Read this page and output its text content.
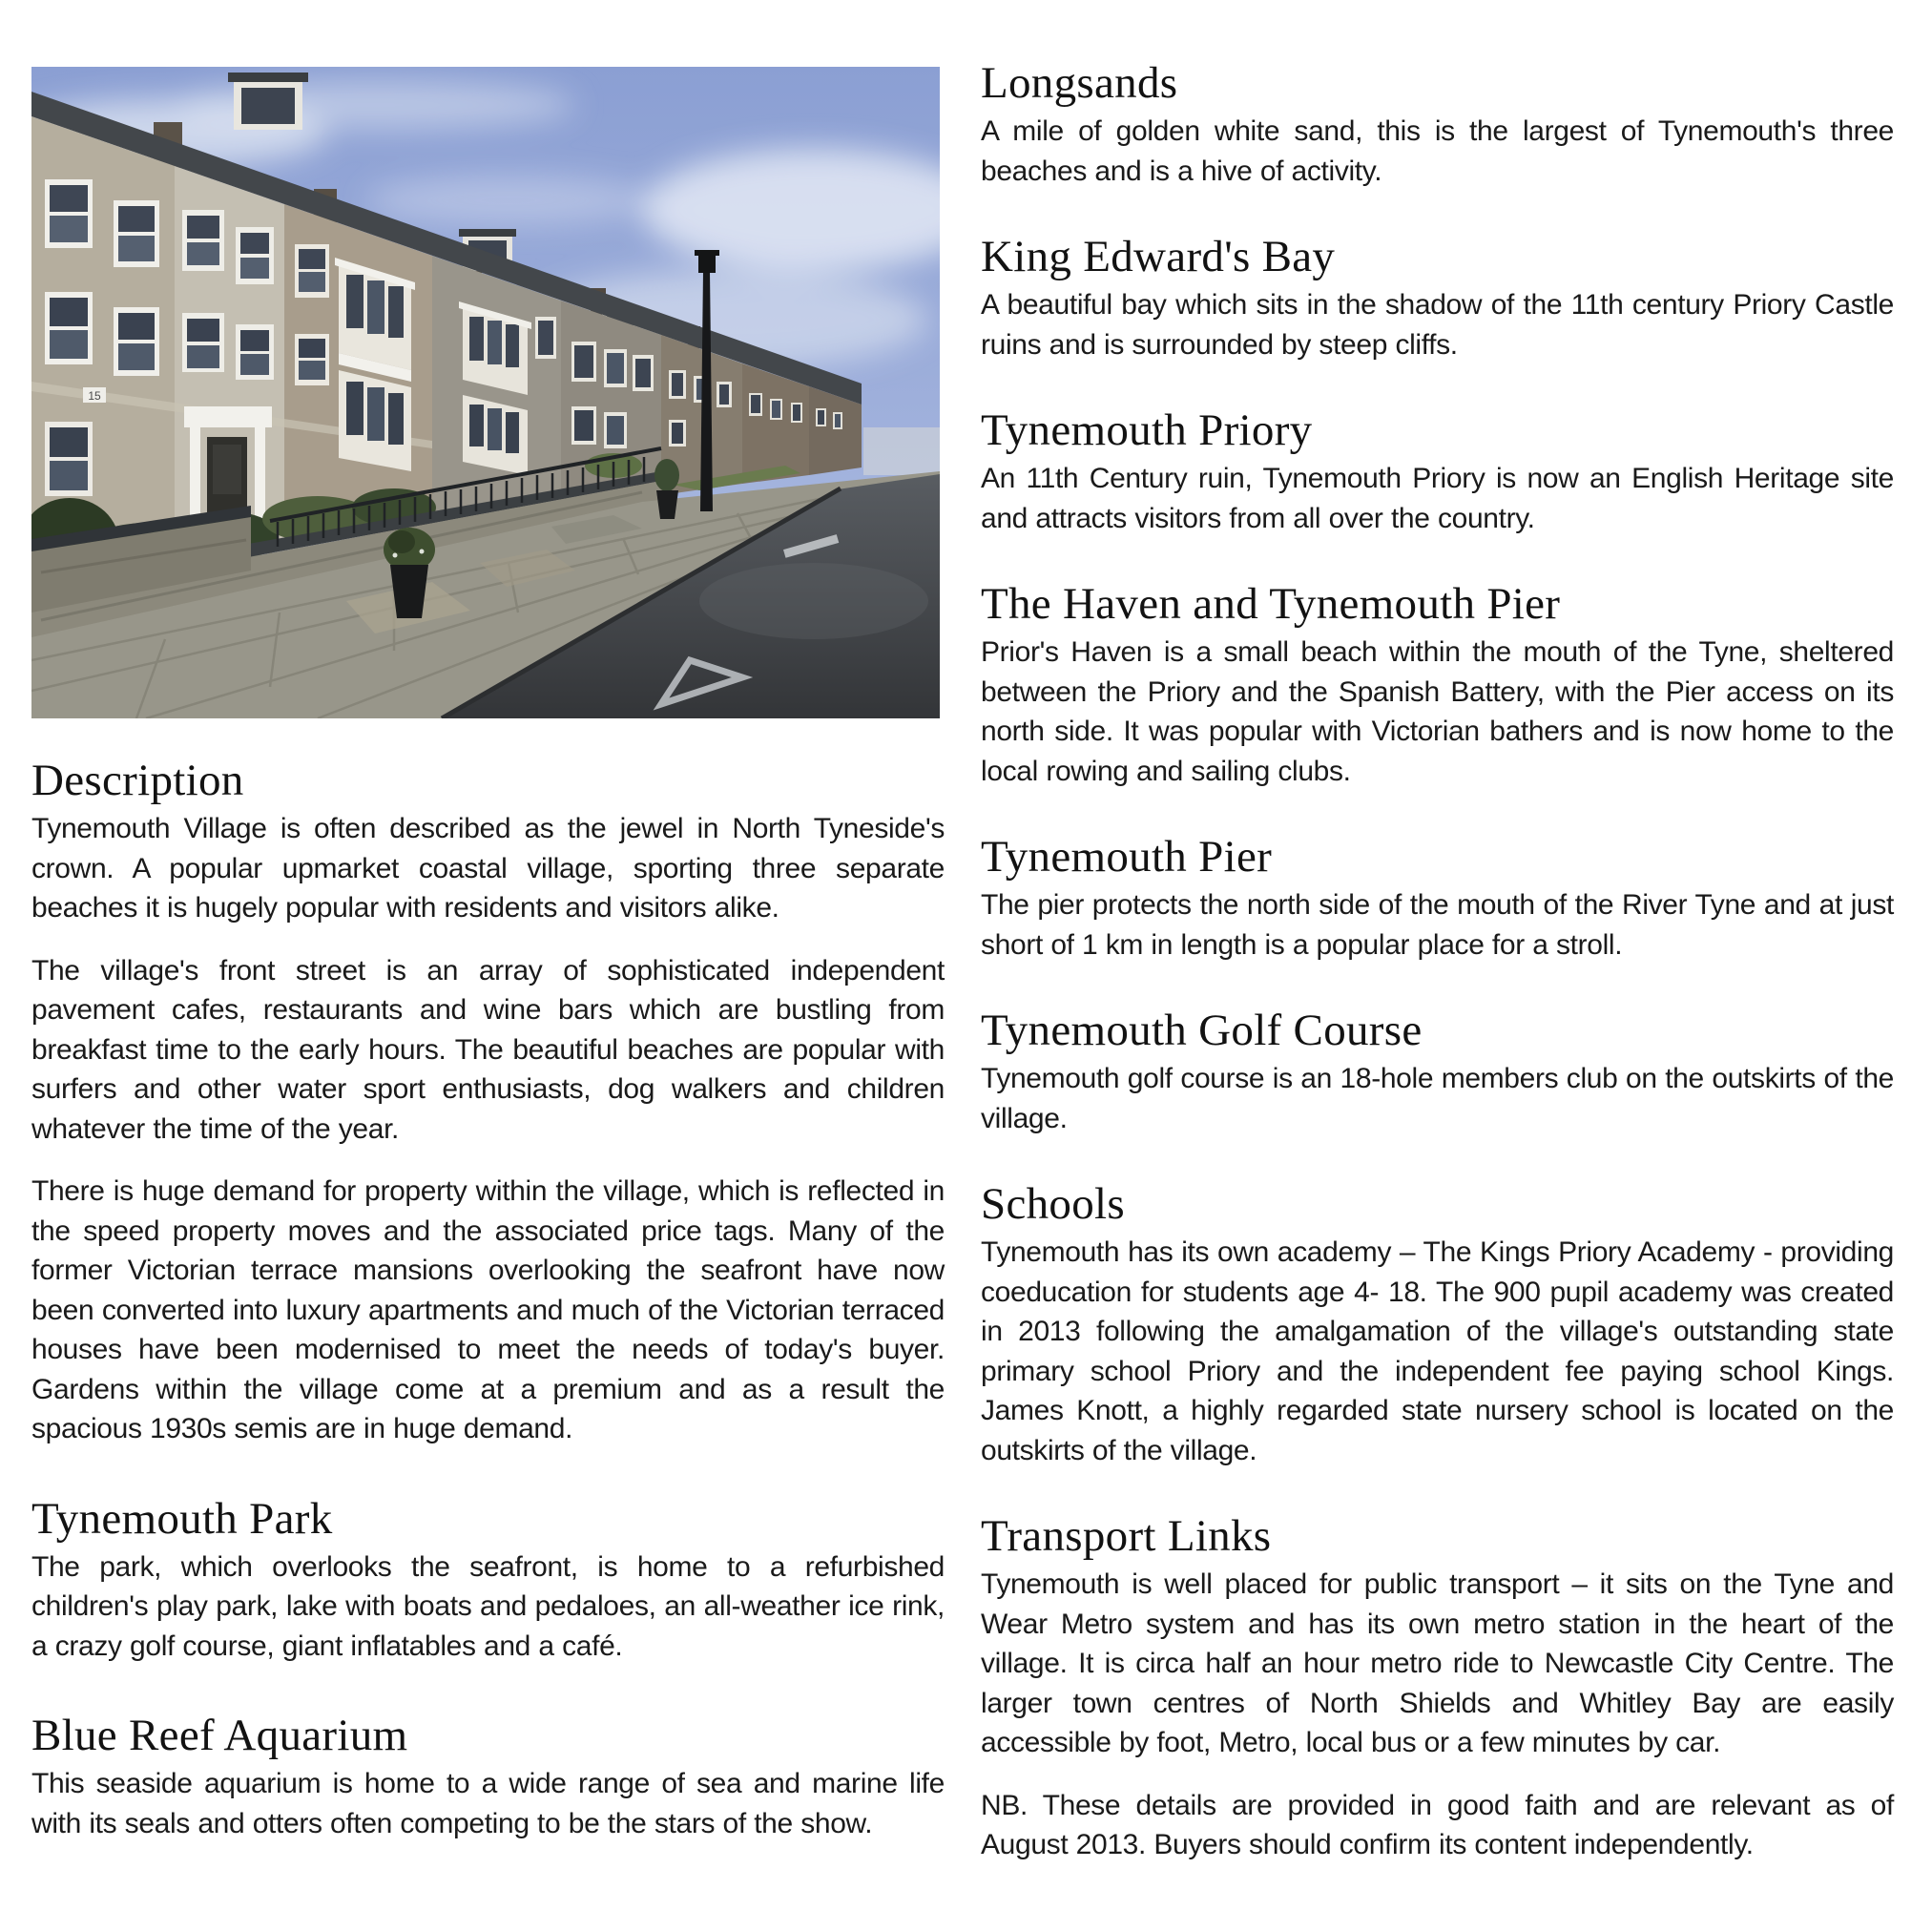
15
Description

Tynemouth Village is often described as the jewel in North Tyneside's crown. A popular upmarket coastal village, sporting three separate beaches it is hugely popular with residents and visitors alike.

The village's front street is an array of sophisticated independent pavement cafes, restaurants and wine bars which are bustling from breakfast time to the early hours. The beautiful beaches are popular with surfers and other water sport enthusiasts, dog walkers and children whatever the time of the year.

There is huge demand for property within the village, which is reflected in the speed property moves and the associated price tags. Many of the former Victorian terrace mansions overlooking the seafront have now been converted into luxury apartments and much of the Victorian terraced houses have been modernised to meet the needs of today's buyer. Gardens within the village come at a premium and as a result the spacious 1930s semis are in huge demand.

Tynemouth Park

The park, which overlooks the seafront, is home to a refurbished children's play park, lake with boats and pedaloes, an all-weather ice rink, a crazy golf course, giant inflatables and a café.

Blue Reef Aquarium

This seaside aquarium is home to a wide range of sea and marine life with its seals and otters often competing to be the stars of the show.

Longsands

A mile of golden white sand, this is the largest of Tynemouth's three beaches and is a hive of activity.

King Edward's Bay

A beautiful bay which sits in the shadow of the 11th century Priory Castle ruins and is surrounded by steep cliffs.

Tynemouth Priory

An 11th Century ruin, Tynemouth Priory is now an English Heritage site and attracts visitors from all over the country.

The Haven and Tynemouth Pier

Prior's Haven is a small beach within the mouth of the Tyne, sheltered between the Priory and the Spanish Battery, with the Pier access on its north side. It was popular with Victorian bathers and is now home to the local rowing and sailing clubs.

Tynemouth Pier

The pier protects the north side of the mouth of the River Tyne and at just short of 1 km in length is a popular place for a stroll.

Tynemouth Golf Course

Tynemouth golf course is an 18-hole members club on the outskirts of the village.

Schools

Tynemouth has its own academy – The Kings Priory Academy - providing coeducation for students age 4- 18. The 900 pupil academy was created in 2013 following the amalgamation of the village's outstanding state primary school Priory and the independent fee paying school Kings. James Knott, a highly regarded state nursery school is located on the outskirts of the village.

Transport Links

Tynemouth is well placed for public transport – it sits on the Tyne and Wear Metro system and has its own metro station in the heart of the village. It is circa half an hour metro ride to Newcastle City Centre. The larger town centres of North Shields and Whitley Bay are easily accessible by foot, Metro, local bus or a few minutes by car.

NB. These details are provided in good faith and are relevant as of August 2013. Buyers should confirm its content independently.
